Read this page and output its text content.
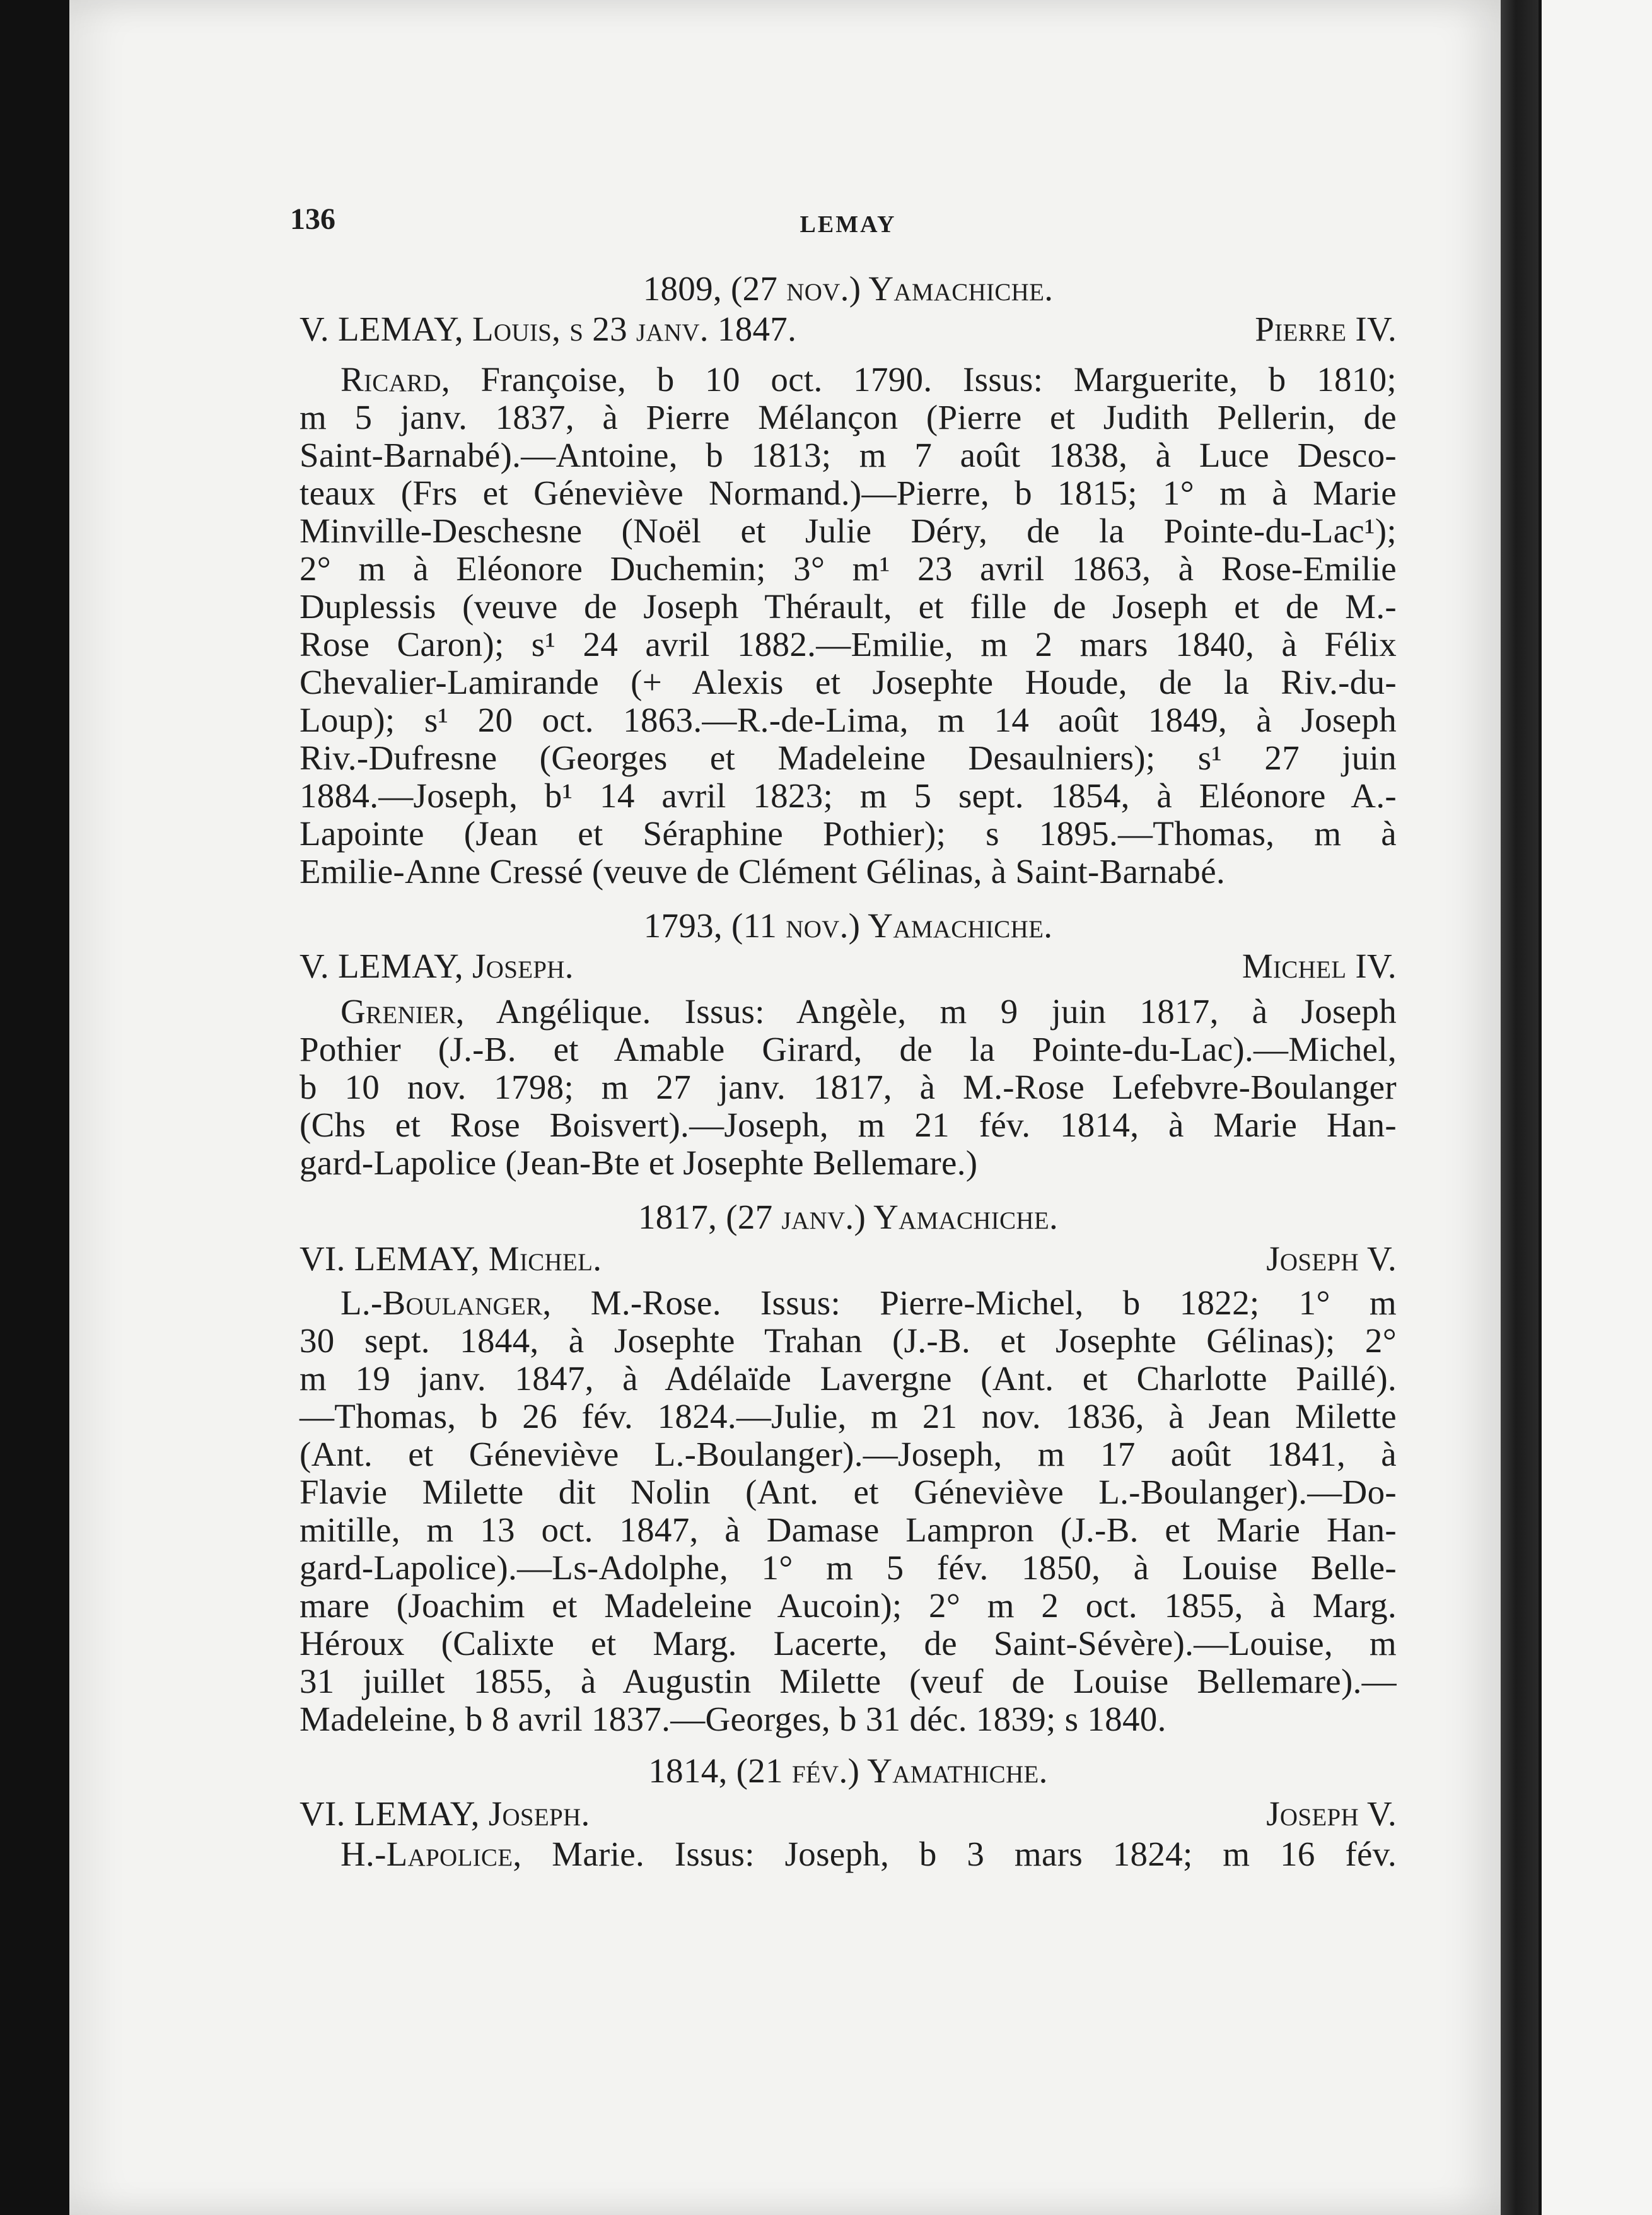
136	LEMAY
1809, (27 nov.) Yamachiche.
V. LEMAY, Louis, s 23 janv. 1847.	Pierre IV.
Ricard, Françoise, b 10 oct. 1790. Issus: Marguerite, b 1810;
m 5 janv. 1837, à Pierre Mélançon (Pierre et Judith Pellerin, de
Saint-Barnabé).—Antoine, b 1813; m 7 août 1838, à Luce Desco-
teaux (Frs et Géneviève Normand.)—Pierre, b 1815; 1° m à Marie
Minville-Deschesne (Noël et Julie Déry, de la Pointe-du-Lac¹);
2° m à Eléonore Duchemin; 3° m¹ 23 avril 1863, à Rose-Emilie
Duplessis (veuve de Joseph Thérault, et fille de Joseph et de M.-
Rose Caron); s¹ 24 avril 1882.—Emilie, m 2 mars 1840, à Félix
Chevalier-Lamirande (+ Alexis et Josephte Houde, de la Riv.-du-
Loup); s¹ 20 oct. 1863.—R.-de-Lima, m 14 août 1849, à Joseph
Riv.-Dufresne (Georges et Madeleine Desaulniers); s¹ 27 juin
1884.—Joseph, b¹ 14 avril 1823; m 5 sept. 1854, à Eléonore A.-
Lapointe (Jean et Séraphine Pothier); s 1895.—Thomas, m à
Emilie-Anne Cressé (veuve de Clément Gélinas, à Saint-Barnabé.
1793, (11 nov.) Yamachiche.
V. LEMAY, Joseph.	Michel IV.
Grenier, Angélique. Issus: Angèle, m 9 juin 1817, à Joseph
Pothier (J.-B. et Amable Girard, de la Pointe-du-Lac).—Michel,
b 10 nov. 1798; m 27 janv. 1817, à M.-Rose Lefebvre-Boulanger
(Chs et Rose Boisvert).—Joseph, m 21 fév. 1814, à Marie Han-
gard-Lapolice (Jean-Bte et Josephte Bellemare.)
1817, (27 janv.) Yamachiche.
VI. LEMAY, Michel.	Joseph V.
L.-Boulanger, M.-Rose. Issus: Pierre-Michel, b 1822; 1° m
30 sept. 1844, à Josephte Trahan (J.-B. et Josephte Gélinas); 2°
m 19 janv. 1847, à Adélaïde Lavergne (Ant. et Charlotte Paillé).
—Thomas, b 26 fév. 1824.—Julie, m 21 nov. 1836, à Jean Milette
(Ant. et Géneviève L.-Boulanger).—Joseph, m 17 août 1841, à
Flavie Milette dit Nolin (Ant. et Géneviève L.-Boulanger).—Do-
mitille, m 13 oct. 1847, à Damase Lampron (J.-B. et Marie Han-
gard-Lapolice).—Ls-Adolphe, 1° m 5 fév. 1850, à Louise Belle-
mare (Joachim et Madeleine Aucoin); 2° m 2 oct. 1855, à Marg.
Héroux (Calixte et Marg. Lacerte, de Saint-Sévère).—Louise, m
31 juillet 1855, à Augustin Milette (veuf de Louise Bellemare).—
Madeleine, b 8 avril 1837.—Georges, b 31 déc. 1839; s 1840.
1814, (21 fév.) Yamathiche.
VI. LEMAY, Joseph.	Joseph V.
H.-Lapolice, Marie. Issus: Joseph, b 3 mars 1824; m 16 fév.
